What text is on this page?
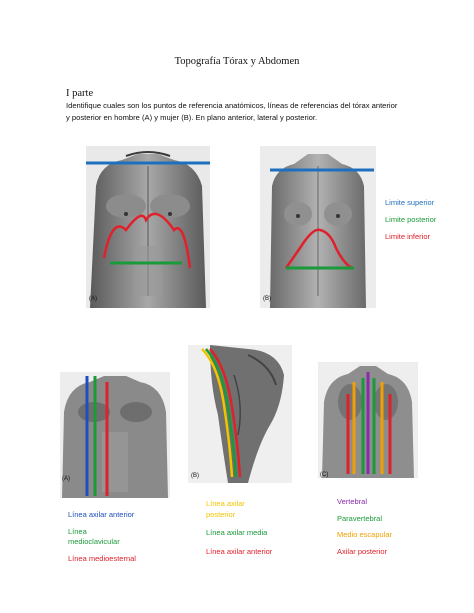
Topografía Tórax y Abdomen
I parte
Identifique cuales son los puntos de referencia anatómicos, líneas de referencias del tórax anterior
y posterior en hombre (A) y mujer (B). En plano anterior, lateral y posterior.
(A)	(B)
Limite superior
Limite posterior
Limite inferior
(A)	(B)	(C)
Línea axilar anterior
Línea
medioclavicular
Línea medioesternal
Línea axilar
posterior
Línea axilar media
Línea axilar anterior
Vertebral
Paravertebral
Medio escapular
Axilar posterior
